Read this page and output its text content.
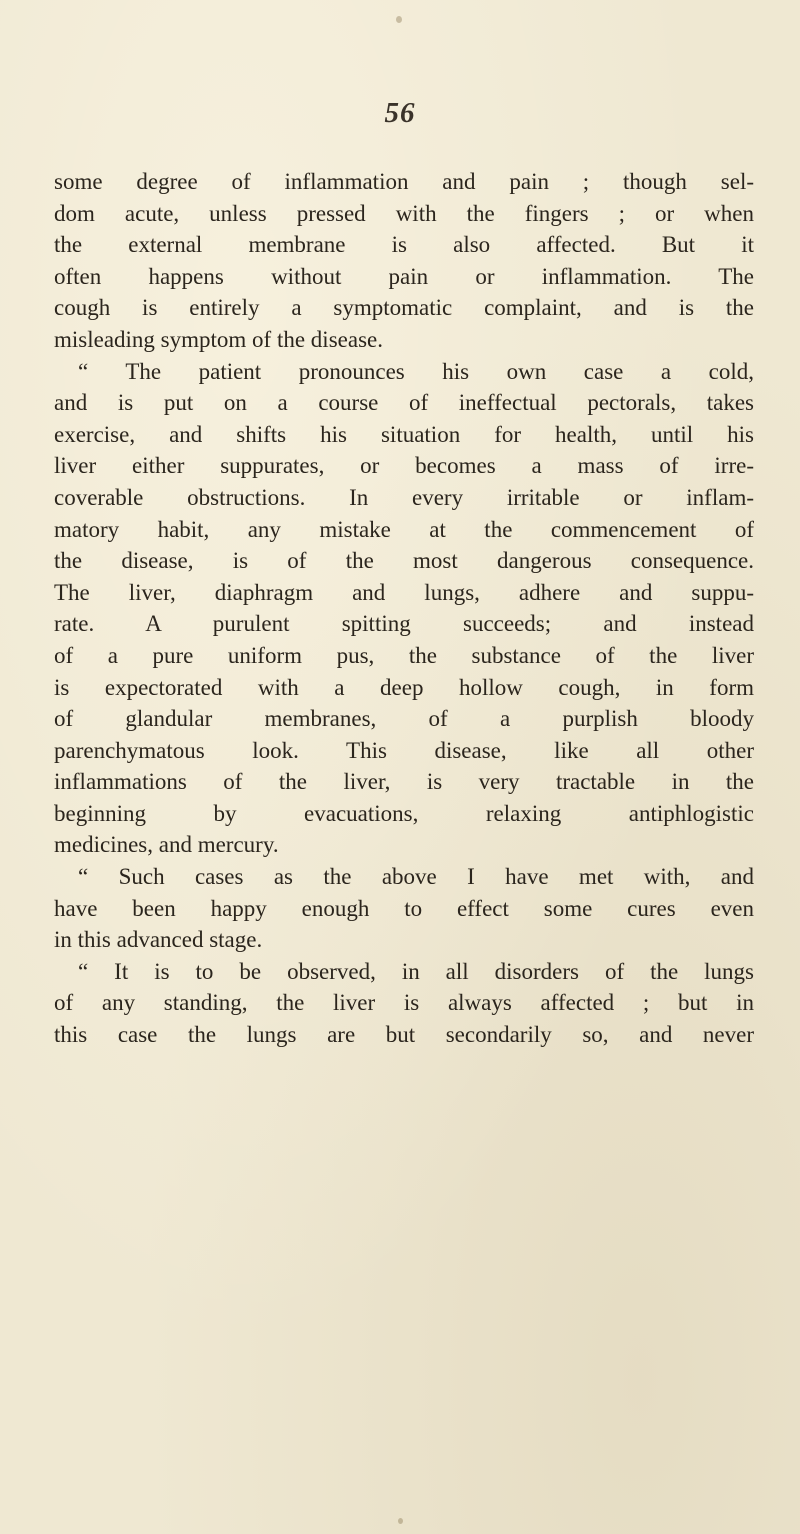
56
some degree of inflammation and pain ; though sel-
dom acute, unless pressed with the fingers ; or when
the external membrane is also affected. But it
often happens without pain or inflammation. The
cough is entirely a symptomatic complaint, and is the
misleading symptom of the disease.
“ The patient pronounces his own case a cold,
and is put on a course of ineffectual pectorals, takes
exercise, and shifts his situation for health, until his
liver either suppurates, or becomes a mass of irre-
coverable obstructions. In every irritable or inflam-
matory habit, any mistake at the commencement of
the disease, is of the most dangerous consequence.
The liver, diaphragm and lungs, adhere and suppu-
rate. A purulent spitting succeeds; and instead
of a pure uniform pus, the substance of the liver
is expectorated with a deep hollow cough, in form
of glandular membranes, of a purplish bloody
parenchymatous look. This disease, like all other
inflammations of the liver, is very tractable in the
beginning by evacuations, relaxing antiphlogistic
medicines, and mercury.
“ Such cases as the above I have met with, and
have been happy enough to effect some cures even
in this advanced stage.
“ It is to be observed, in all disorders of the lungs
of any standing, the liver is always affected ; but in
this case the lungs are but secondarily so, and never
